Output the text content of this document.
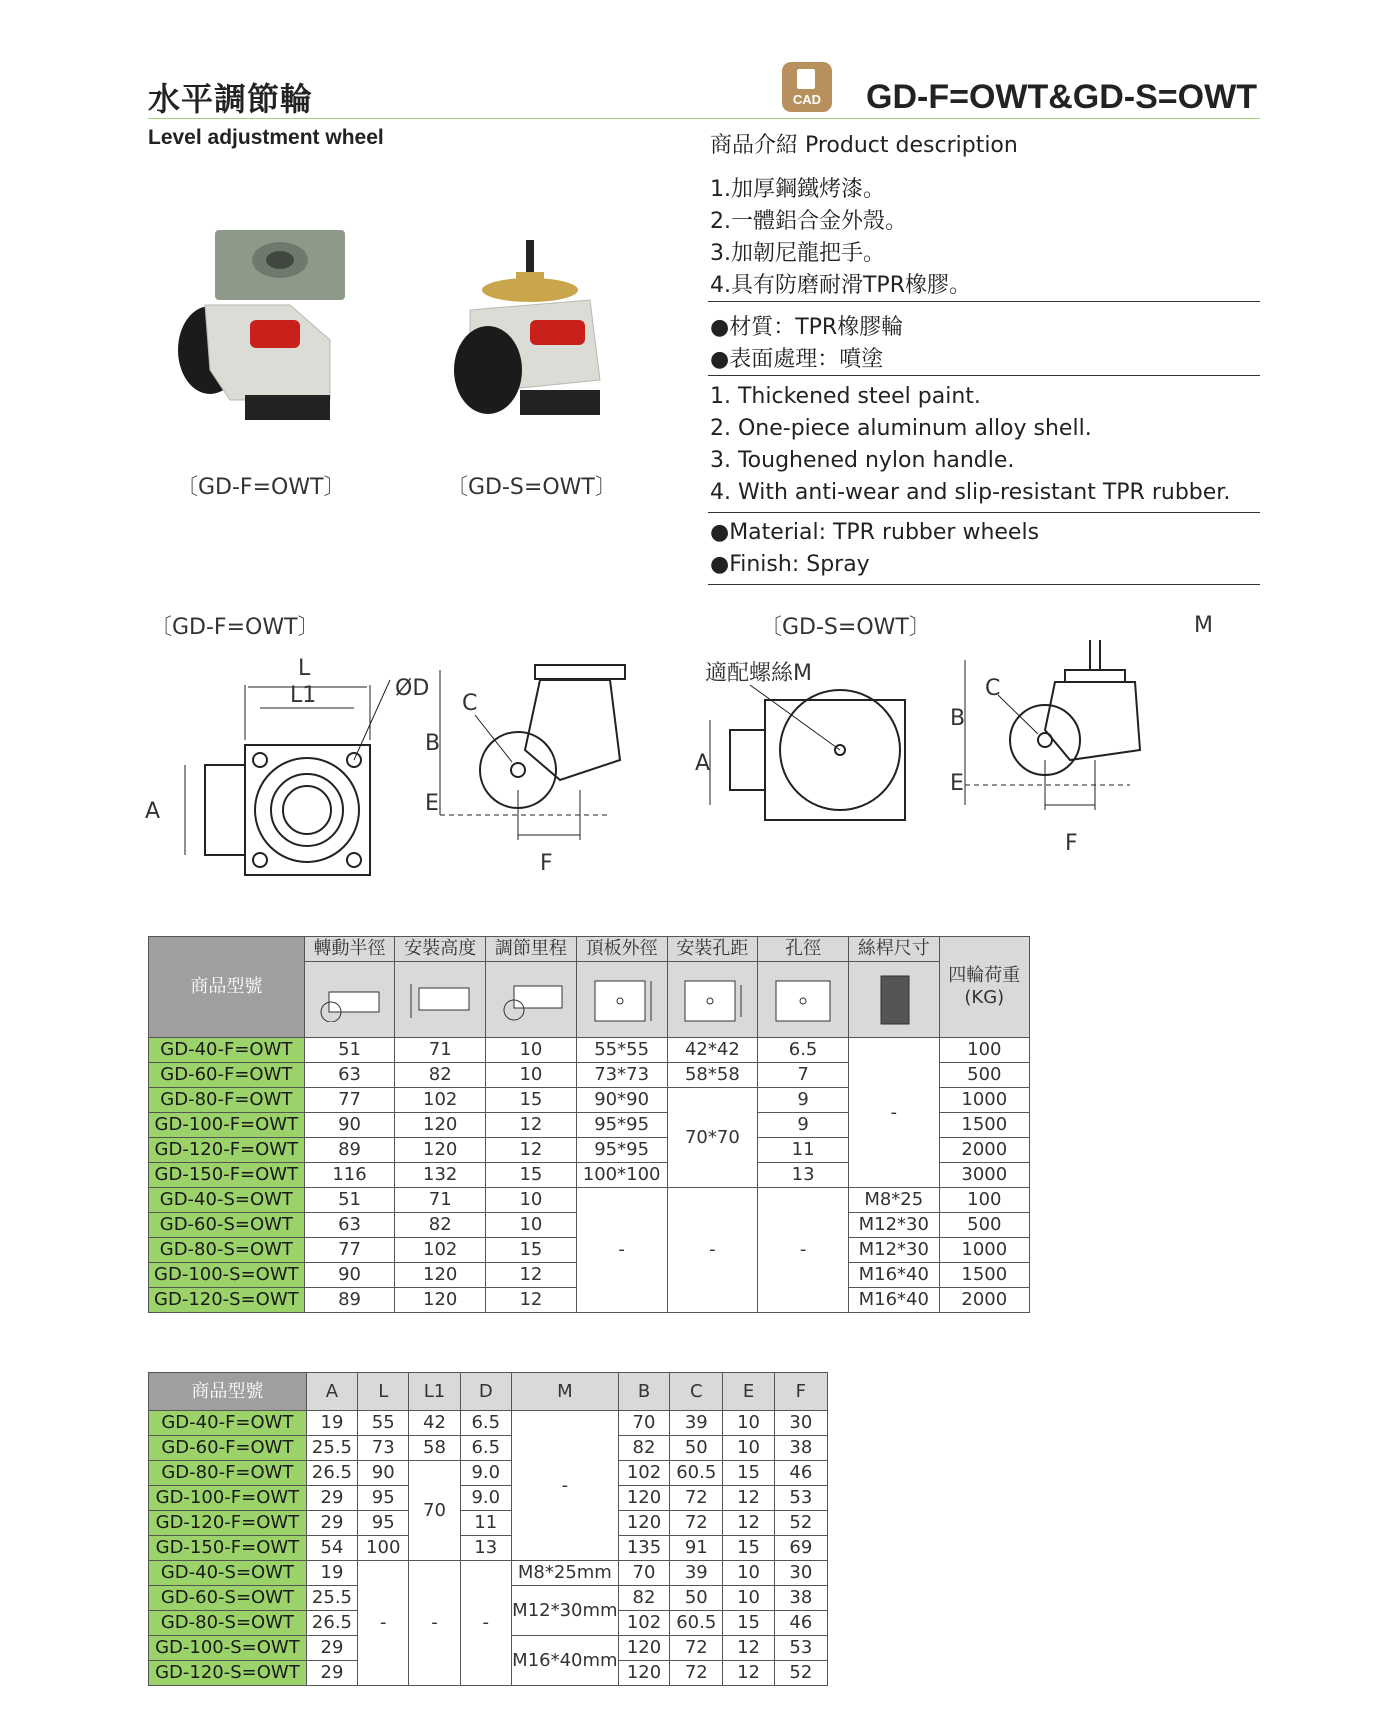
水平調節輪
Level adjustment wheel
CAD	GD-F=OWT&GD-S=OWT
商品介紹 Product description
1.加厚鋼鐵烤漆。
2.一體鋁合金外殼。
3.加韌尼龍把手。
4.具有防磨耐滑TPR橡膠。
●材質：TPR橡膠輪
●表面處理：噴塗
1. Thickened steel paint.
2. One-piece aluminum alloy shell.
3. Toughened nylon handle.
4. With anti-wear and slip-resistant TPR rubber.
●Material: TPR rubber wheels
●Finish: Spray
〔GD-F=OWT〕	〔GD-S=OWT〕
〔GD-F=OWT〕	〔GD-S=OWT〕
L
L1	ØD
A
B
C
E
F
適配螺絲M
A
B
C
E
F
M
商品型號	轉動半徑	安裝高度	調節里程	頂板外徑	安裝孔距	孔徑	絲桿尺寸	四輪荷重
(KG)

GD-40-F=OWT	51	71	10	55*55	42*42	6.5	-	100
GD-60-F=OWT	63	82	10	73*73	58*58	7		500
GD-80-F=OWT	77	102	15	90*90	70*70	9		1000
GD-100-F=OWT	90	120	12	95*95		9		1500
GD-120-F=OWT	89	120	12	95*95		11		2000
GD-150-F=OWT	116	132	15	100*100		13		3000
GD-40-S=OWT	51	71	10	-	-	-	M8*25	100
GD-60-S=OWT	63	82	10				M12*30	500
GD-80-S=OWT	77	102	15				M12*30	1000
GD-100-S=OWT	90	120	12				M16*40	1500
GD-120-S=OWT	89	120	12				M16*40	2000
商品型號	A	L	L1	D	M	B	C	E	F
GD-40-F=OWT	19	55	42	6.5	-	70	39	10	30
GD-60-F=OWT	25.5	73	58	6.5		82	50	10	38
GD-80-F=OWT	26.5	90	70	9.0		102	60.5	15	46
GD-100-F=OWT	29	95		9.0		120	72	12	53
GD-120-F=OWT	29	95		11		120	72	12	52
GD-150-F=OWT	54	100		13		135	91	15	69
GD-40-S=OWT	19	-	-	-	M8*25mm	70	39	10	30
GD-60-S=OWT	25.5				M12*30mm	82	50	10	38
GD-80-S=OWT	26.5					102	60.5	15	46
GD-100-S=OWT	29				M16*40mm	120	72	12	53
GD-120-S=OWT	29					120	72	12	52
